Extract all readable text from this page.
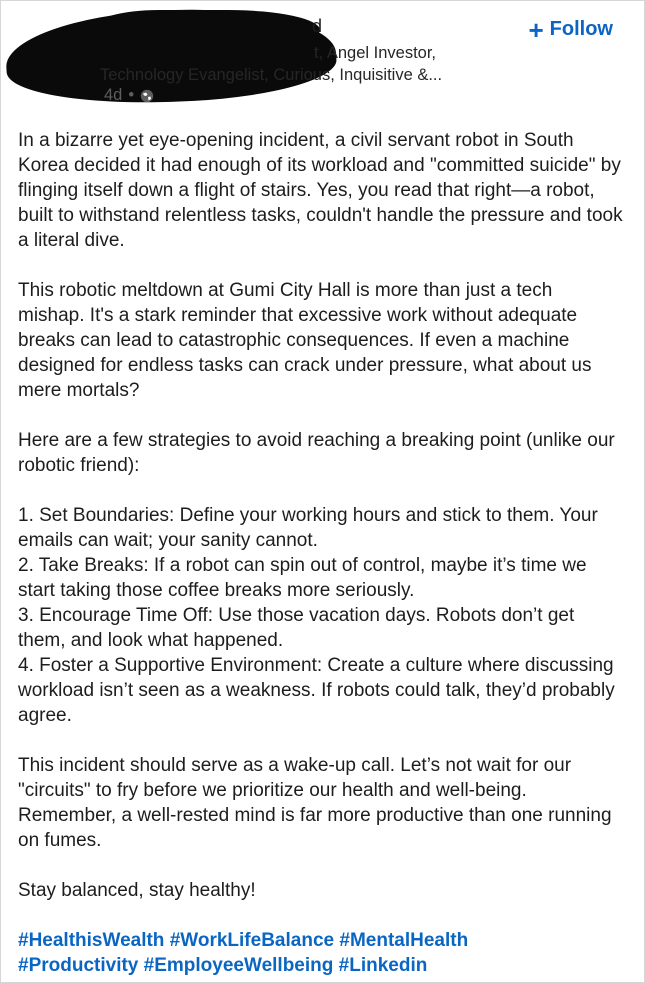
d
t, Angel Investor,
Technology Evangelist, Curious, Inquisitive &...
4d •
+ Follow

In a bizarre yet eye-opening incident, a civil servant robot in South Korea decided it had enough of its workload and "committed suicide" by flinging itself down a flight of stairs. Yes, you read that right—a robot, built to withstand relentless tasks, couldn't handle the pressure and took a literal dive.

This robotic meltdown at Gumi City Hall is more than just a tech mishap. It's a stark reminder that excessive work without adequate breaks can lead to catastrophic consequences. If even a machine designed for endless tasks can crack under pressure, what about us mere mortals?

Here are a few strategies to avoid reaching a breaking point (unlike our robotic friend):

1. Set Boundaries: Define your working hours and stick to them. Your emails can wait; your sanity cannot.

2. Take Breaks: If a robot can spin out of control, maybe it’s time we start taking those coffee breaks more seriously.

3. Encourage Time Off: Use those vacation days. Robots don’t get them, and look what happened.

4. Foster a Supportive Environment: Create a culture where discussing workload isn’t seen as a weakness. If robots could talk, they’d probably agree.

This incident should serve as a wake-up call. Let’s not wait for our "circuits" to fry before we prioritize our health and well-being. Remember, a well-rested mind is far more productive than one running on fumes.

Stay balanced, stay healthy!

#HealthisWealth #WorkLifeBalance #MentalHealth
#Productivity #EmployeeWellbeing #Linkedin
